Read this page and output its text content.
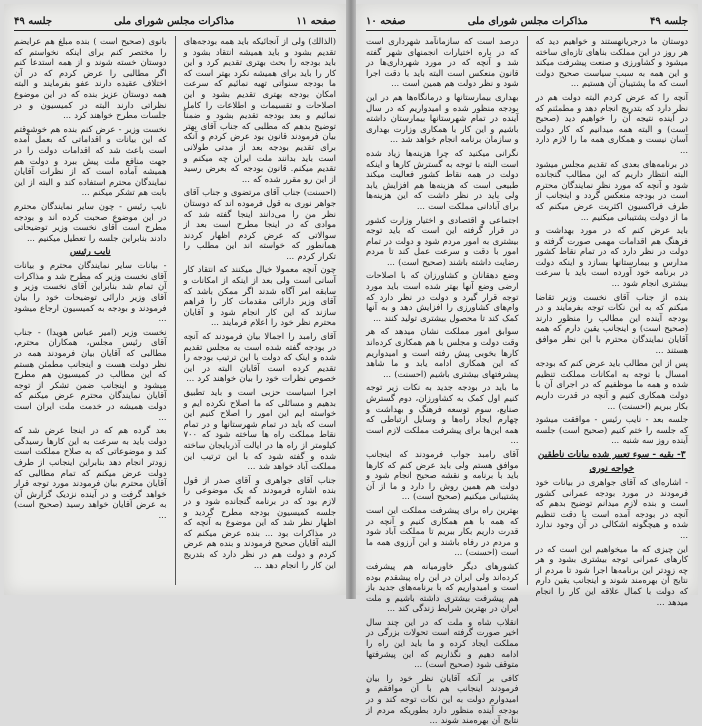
صفحه ۱۱
مذاکرات مجلس شورای ملی
جلسه ۴۹

(الذالك) ولی از آنجائیکه باید همه بودجه‌های تقدیم بشود و باید همیشه انتقاد بشود و باید بودجه را بحث بهتری تقدیم کرد و این کار را باید برای همیشه نکرد بهتر است که ما بودجه سنواتی تهیه نمائیم که سرعت امکان بودجه بهتری تقدیم بشود و این اصلاحات و تقسیمات و اطلاعات را کامل نمائیم و بعد بودجه تقدیم بشود و ضمناً توضیح بدهم که مطلبی که جناب آقای بهتر بیان فرمودند قانون بود عرض کردم و آنکه برای تقدیم بودجه بعد از مدتی طولانی است باید بدانند ملت ایران چه میکنم و تقدیم میکنم. قانون بودجه که بعرض رسید از این رو مقرر شده که ...

(احسنت) جناب آقای مرتضوی و جناب آقای جواهر نوری به قول فرموده اند که دوستان نظر من را می‌دانند اینجا گفته شد که موادی که در اینجا مطرح است بعد از سوالاتی که عرض کردم اظهار کردند همانطور که خواسته اند این مطلب را تکرار کردم ...

چون آنچه معمولا خیال میکنند که انتقاد کار آسانی است ولی بعد از اینکه از امکانات و سابقه امر آگاه شدند اگر ممکن باشد که آقای وزیر دارائی مقدمات کار را فراهم سازند که این کار انجام شود و آقایان محترم نظر خود را اعلام فرمایند ...

آقای رامبد را اجمالا بیان فرمودند که آنچه در بودجه گفته شده است به مجلس تقدیم شده و اینک که دولت با این ترتیب بودجه را تقدیم کرده است آقایان البته در این خصوص نظرات خود را بیان خواهند کرد ...

اجرا اسیاست حزبی است و باید تطبیق بدهیم و مسائلی که ما اصلاح نکرده ایم و خواسته ایم این امور را اصلاح کنیم این است که باید در تمام شهرستانها و در تمام نقاط مملکت راه ها ساخته شود که ۷۰۰ کیلومتر از راه ها در ایالت آذربایجان ساخته شده و گفته شود که با این ترتیب این مملکت آباد خواهد شد ...

جناب آقای جواهری و آقای صدر از قول بنده اشاره فرمودند که یک موضوعی را لازم بود که در برنامه گنجانده شود و در جلسه کمیسیون بودجه مطرح گردید و اظهار نظر شد که این موضوع به آنچه که در مذاکرات بود ... بنده عرض میکنم که البته آقایان صحیح فرمودند و بنده هم عرض کردم و دولت هم در نظر دارد که بتدریج این کار را انجام دهد ...

بانوی (صحیح است ) بنده مبلغ هم عرایضم را مختصر کنم برای اینکه نخواستم که دوستان خسته شوند و از همه استدعا کنم اگر مطالبی را عرض کردم که در آن اختلاف عقیده دارند عفو بفرمایند و البته همه دوستان عزیز بنده که در این موضوع نظراتی دارند البته در کمیسیون و در جلسات مطرح خواهند کرد ...

نخست وزیر - عرض کنم بنده هم خوشوقتم که این بیانات و اقداماتی که بعمل آمده است باعث شد که اقدامات دولت را در جهت منافع ملت پیش ببرد و دولت هم همیشه آماده است که از نظرات آقایان نمایندگان محترم استفاده کند و البته از این بابت هم تشکر میکنم ...

نایب رئیس - چون سایر نمایندگان محترم در این موضوع صحبت کرده اند و بودجه مطرح است آقای نخست وزیر توضیحاتی دادند بنابراین جلسه را تعطیل میکنیم ...

نایب رئیس

- بیانات سایر نمایندگان محترم و بیانات آقای نخست وزیر که مطرح شد و مذاکرات آن تمام شد بنابراین آقای نخست وزیر و آقای وزیر دارائی توضیحات خود را بیان فرمودند و بودجه به کمیسیون ارجاع میشود ...

نخست وزیر (امیر عباس هویدا) - جناب آقای رئیس مجلس، همکاران محترم، مطالبی که آقایان بیان فرمودند همه در نظر دولت هست و اینجانب مطمئن هستم که این مطالب در کمیسیون هم مطرح میشود و اینجانب ضمن تشکر از توجه آقایان نمایندگان محترم عرض میکنم که دولت همیشه در خدمت ملت ایران است ...

بعد گرده هم که در اینجا عرض شد که دولت باید به سرعت به این کارها رسیدگی کند و موضوعاتی که به صلاح مملکت است زودتر انجام دهد بنابراین اینجانب از طرف دولت عرض میکنم که تمام مطالبی که آقایان محترم بیان فرمودند مورد توجه قرار خواهد گرفت و در آینده نزدیک گزارش آن به عرض آقایان خواهد رسید (صحیح است) ...

جلسه ۴۹
مذاکرات مجلس شورای ملی
صفحه ۱۰

دوستان ما درجریانهستند و خواهیم دید که هر روز در این مملکت بناهای تازه‌ای ساخته میشود و کشاورزی و صنعت پیشرفت میکند و این همه به سبب سیاست صحیح دولت است که ما پشتیبان آن هستیم ...

آنچه را که عرض کردم البته دولت هم در نظر دارد که بتدریج انجام دهد و مطمئنم که در آینده نتیجه آن را خواهیم دید (صحیح است) و البته همه میدانیم که کار دولت آسان نیست و همکاری همه ما را لازم دارد ...

در برنامه‌های بعدی که تقدیم مجلس میشود البته انتظار داریم که این مطالب گنجانده شود و آنچه که مورد نظر نمایندگان محترم است در بودجه منعکس گردد و اینجانب از طرف فراکسیون اکثریت عرض میکنم که ما از دولت پشتیبانی میکنیم ...

باید عرض کنم که در مورد بهداشت و فرهنگ هم اقدامات مهمی صورت گرفته و دولت در نظر دارد که در تمام نقاط کشور مدارس و بیمارستانها بسازد و اینکه دولت در برنامه خود آورده است باید با سرعت بیشتری انجام شود ...

بنده از جناب آقای نخست وزیر تقاضا میکنم که به این نکات توجه بفرمایند و در بودجه آینده این مطالب را منظور دارند (صحیح است) و اینجانب یقین دارم که همه آقایان نمایندگان محترم با این نظر موافق هستند ...

پس از این مطالب باید عرض کنم که بودجه امسال با توجه به امکانات مملکت تنظیم شده و همه ما موظفیم که در اجرای آن با دولت همکاری کنیم و آنچه در قدرت داریم بکار ببریم (احسنت) ...

جلسه بعد - نایب رئیس - موافقت میشود که جلسه را ختم کنیم (صحیح است) جلسه آینده روز سه شنبه ...

۳- بقیه - سوء تعبیر شده بیانات ناطقین

خواجه نوری

- اشاره‌ای که آقای جواهری در بیانات خود فرمودند در مورد بودجه عمرانی کشور است و بنده لازم میدانم توضیح بدهم که آنچه در بودجه آمده است با دقت تنظیم شده و هیچگونه اشکالی در آن وجود ندارد ...

این چیزی که ما میخواهیم این است که در کارهای عمرانی توجه بیشتری بشود و هر چه زودتر این برنامه‌ها اجرا شود تا مردم از نتایج آن بهره‌مند شوند و اینجانب یقین دارم که دولت با کمال علاقه این کار را انجام میدهد ...

درصد است که سازمانآمد شهرداری است که در باره اختیارات انجمنهای شهر گفته شد و آنچه که در مورد شهرداری‌ها در قانون منعکس است البته باید با دقت اجرا شود و نظر دولت هم همین است ...

بهداری بیمارستانها و درمانگاه‌ها هم در این بودجه منظور شده و امیدواریم که در سال آینده در تمام شهرستانها بیمارستان داشته باشیم و این کار با همکاری وزارت بهداری و سازمان برنامه انجام خواهد شد ...

نگرانی میکنید که چرا هزینه‌ها زیاد شده است البته با توجه به گسترش کارها و اینکه دولت در همه نقاط کشور فعالیت میکند طبیعی است که هزینه‌ها هم افزایش یابد ولی باید در نظر داشت که این هزینه‌ها برای آبادانی مملکت است ...

اجتماعی و اقتصادی و اختیار وزارت کشور در قرار گرفته این است که باید توجه بیشتری به امور مردم شود و دولت در تمام امور با دقت و سرعت عمل کند تا مردم رضایت داشته باشند (صحیح است) ...

وضع دهقانان و کشاورزان که با اصلاحات ارضی وضع آنها بهتر شده است باید مورد توجه قرار گیرد و دولت در نظر دارد که وام‌های کشاورزی را افزایش دهد و به آنها کمک کند تا محصول بیشتری تولید کنند ...

سوابق امور مملکت نشان میدهد که هر وقت دولت و مجلس با هم همکاری کرده‌اند کارها بخوبی پیش رفته است و امیدواریم که این همکاری ادامه یابد و ما شاهد پیشرفتهای بیشتری باشیم (احسنت) ...

ما باید در بودجه جدید به نکات زیر توجه کنیم اول کمک به کشاورزان، دوم گسترش صنایع، سوم توسعه فرهنگ و بهداشت و چهارم ایجاد راه‌ها و وسایل ارتباطی که همه این‌ها برای پیشرفت مملکت لازم است ...

آقای رامبد جواب فرمودند که اینجانب موافق هستم ولی باید عرض کنم که کارها باید با برنامه و نقشه صحیح انجام شود و دولت هم همین روش را دارد و ما از آن پشتیبانی میکنیم (صحیح است) ...

بهترین راه برای پیشرفت مملکت این است که همه با هم همکاری کنیم و آنچه در قدرت داریم بکار ببریم تا مملکت آباد شود و مردم در رفاه باشند و این آرزوی همه ما است (احسنت) ...

کشورهای دیگر خاورمیانه هم پیشرفت کرده‌اند ولی ایران در این راه پیشقدم بوده است و امیدواریم که با برنامه‌های جدید باز هم پیشرفت بیشتری داشته باشیم و ملت ایران در بهترین شرایط زندگی کند ...

انقلاب شاه و ملت که در این چند سال اخیر صورت گرفته است تحولات بزرگی در مملکت ایجاد کرده و ما باید این راه را ادامه دهیم و نگذاریم که این پیشرفتها متوقف شود (صحیح است) ...

کافی بر آنکه آقایان نظر خود را بیان فرمودند اینجانب هم با آن موافقم و امیدوارم دولت به این نکات توجه کند و در بودجه آینده منظور دارد بطوریکه مردم از نتایج آن بهره‌مند شوند ...
